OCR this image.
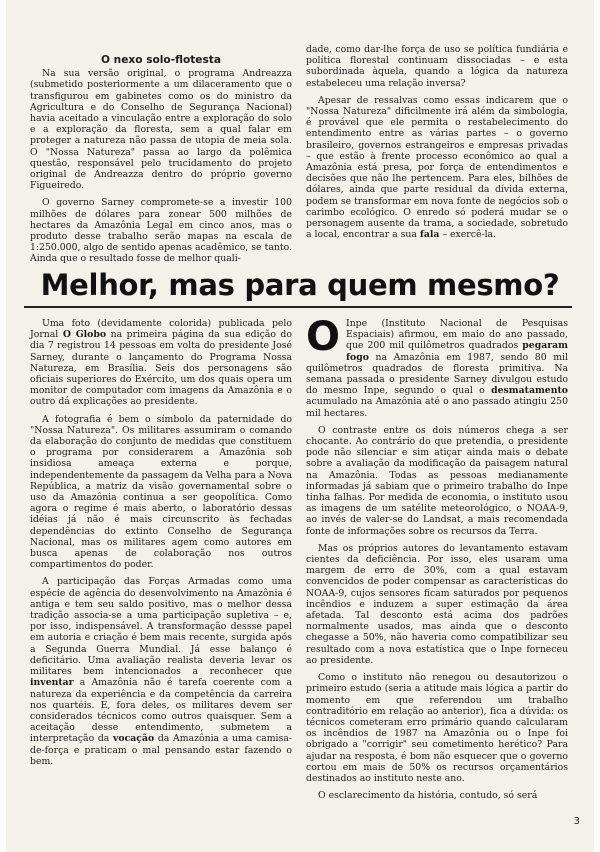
O nexo solo-flotesta

Na sua versão original, o programa Andreazza (submetido posteriormente a um dilaceramento que o transfigurou em gabinetes como os do ministro da Agricultura e do Conselho de Segurança Nacional) havia aceitado a vinculação entre a exploração do solo e a exploração da floresta, sem a qual falar em proteger a natureza não passa de utopia de meia sola. O "Nossa Natureza" passa ao largo da polêmica questão, responsável pelo trucidamento do projeto original de Andreazza dentro do próprio governo Figueiredo.

O governo Sarney compromete-se a investir 100 milhões de dólares para zonear 500 milhões de hectares da Amazônia Legal em cinco anos, mas o produto desse trabalho serão mapas na escala de 1:250.000, algo de sentido apenas acadêmico, se tanto. Ainda que o resultado fosse de melhor quali-

dade, como dar-lhe força de uso se política fundiária e política florestal continuam dissociadas – e esta subordinada àquela, quando a lógica da natureza estabeleceu uma relação inversa?

Apesar de ressalvas como essas indicarem que o "Nossa Natureza" dificilmente irá além da simbologia, é provável que ele permita o restabelecimento do entendimento entre as várias partes – o governo brasileiro, governos estrangeiros e empresas privadas – que estão à frente processo econômico ao qual a Amazônia está presa, por força de entendimentos e decisões que não lhe pertencem. Para eles, bilhões de dólares, ainda que parte residual da dívida externa, podem se transformar em nova fonte de negócios sob o carimbo ecológico. O enredo só poderá mudar se o personagem ausente da trama, a sociedade, sobretudo a local, encontrar a sua fala – exercê-la.

Melhor, mas para quem mesmo?

Uma foto (devidamente colorida) publicada pelo Jornal O Globo na primeira página da sua edição do dia 7 registrou 14 pessoas em volta do presidente José Sarney, durante o lançamento do Programa Nossa Natureza, em Brasília. Seis dos personagens são oficiais superiores do Exército, um dos quais opera um monitor de computador com imagens da Amazônia e o outro dá explicações ao presidente.

A fotografia é bem o símbolo da paternidade do "Nossa Natureza". Os militares assumiram o comando da elaboração do conjunto de medidas que constituem o programa por considerarem a Amazônia sob insidiosa ameaça externa e porque, independentemente da passagem da Velha para a Nova República, a matriz da visão governamental sobre o uso da Amazônia continua a ser geopolítica. Como agora o regime é mais aberto, o laboratório dessas idéias já não é mais circunscrito às fechadas dependências do extinto Conselho de Segurança Nacional, mas os militares agem como autores em busca apenas de colaboração nos outros compartimentos do poder.

A participação das Forças Armadas como uma espécie de agência do desenvolvimento na Amazônia é antiga e tem seu saldo positivo, mas o melhor dessa tradição associa-se a uma participação supletiva – e, por isso, indispensável. A transformação dessse papel em autoria e criação é bem mais recente, surgida após a Segunda Guerra Mundial. Já esse balanço é deficitário. Uma avaliação realista deveria levar os militares bem intencionados a reconhecer que inventar a Amazônia não é tarefa coerente com a natureza da experiência e da competência da carreira nos quartéis. E, fora deles, os militares devem ser considerados técnicos como outros quaisquer. Sem a aceitação desse entendimento, submetem a interpretação da vocação da Amazônia a uma camisa-de-força e praticam o mal pensando estar fazendo o bem.

O Inpe (Instituto Nacional de Pesquisas Espaciais) afirmou, em maio do ano passado, que 200 mil quilômetros quadrados pegaram fogo na Amazônia em 1987, sendo 80 mil quilômetros quadrados de floresta primitiva. Na semana passada o presidente Sarney divulgou estudo do mesmo Inpe, segundo o qual o desmatamento acumulado na Amazônia até o ano passado atingiu 250 mil hectares.

O contraste entre os dois números chega a ser chocante. Ao contrário do que pretendia, o presidente pode não silenciar e sim atiçar ainda mais o debate sobre a avaliação da modificação da paisagem natural na Amazônia. Todas as pessoas medianamente informadas já sabiam que o primeiro trabalho do Inpe tinha falhas. Por medida de economia, o instituto usou as imagens de um satélite meteorológico, o NOAA-9, ao invés de valer-se do Landsat, a mais recomendada fonte de informações sobre os recursos da Terra.

Mas os próprios autores do levantamento estavam cientes da deficiência. Por isso, eles usaram uma margem de erro de 30%, com a qual estavam convencidos de poder compensar as características do NOAA-9, cujos sensores ficam saturados por pequenos incêndios e induzem a super estimação da área afetada. Tal desconto está acima dos padrões normalmente usados, mas ainda que o desconto chegasse a 50%, não haveria como compatibilizar seu resultado com a nova estatística que o Inpe forneceu ao presidente.

Como o instituto não renegou ou desautorizou o primeiro estudo (seria a atitude mais lógica a partir do momento em que referendou um trabalho contraditório em relação ao anterior), fica a dúvida: os técnicos cometeram erro primário quando calcularam os incêndios de 1987 na Amazônia ou o Inpe foi obrigado a "corrigir" seu cometimento herético? Para ajudar na resposta, é bom não esquecer que o governo cortou em mais de 50% os recursos orçamentários destinados ao instituto neste ano.

O esclarecimento da história, contudo, só será

3
